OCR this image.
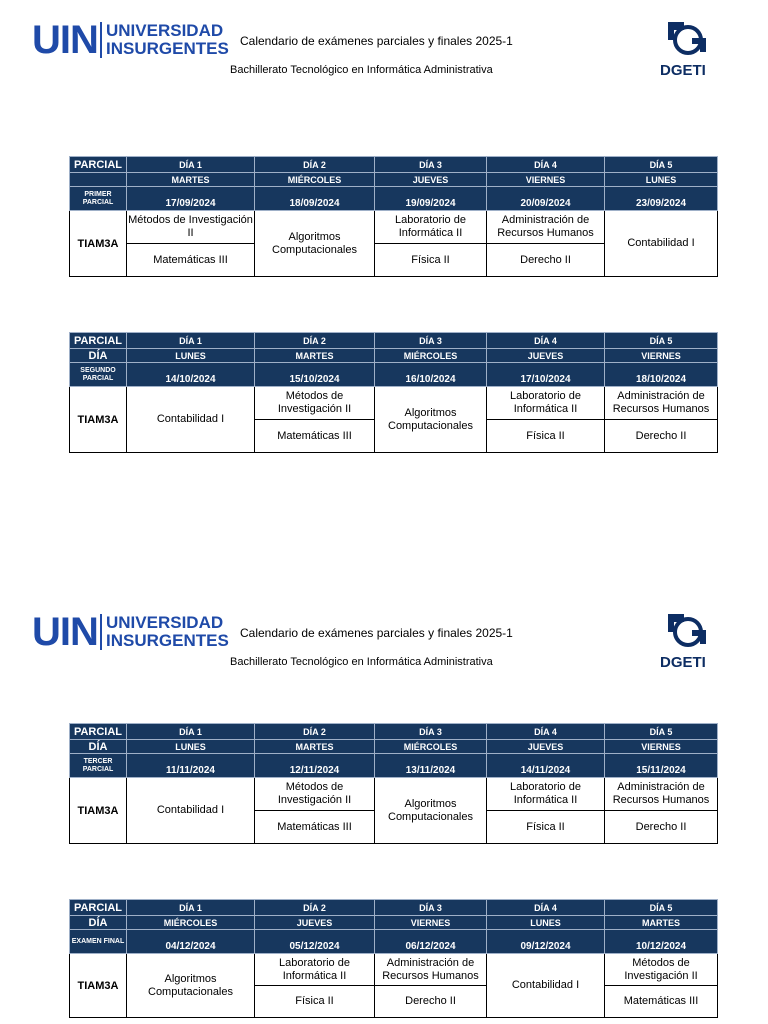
UIN UNIVERSIDAD
INSURGENTES Calendario de exámenes parciales y finales 2025-1
Bachillerato Tecnológico en Informática Administrativa	DGETI
UIN UNIVERSIDAD
INSURGENTES Calendario de exámenes parciales y finales 2025-1
Bachillerato Tecnológico en Informática Administrativa	DGETI
PARCIAL	DÍA 1	DÍA 2	DÍA 3	DÍA 4	DÍA 5
	MARTES	MIÉRCOLES	JUEVES	VIERNES	LUNES
PRIMER PARCIAL	17/09/2024	18/09/2024	19/09/2024	20/09/2024	23/09/2024
TIAM3A	Métodos de Investigación II	Algoritmos Computacionales	Laboratorio de Informática II	Administración de Recursos Humanos	Contabilidad I
	Matemáticas III		Física II	Derecho II	
PARCIAL	DÍA 1	DÍA 2	DÍA 3	DÍA 4	DÍA 5
DÍA	LUNES	MARTES	MIÉRCOLES	JUEVES	VIERNES
SEGUNDO PARCIAL	14/10/2024	15/10/2024	16/10/2024	17/10/2024	18/10/2024
TIAM3A	Contabilidad I	Métodos de Investigación II	Algoritmos Computacionales	Laboratorio de Informática II	Administración de Recursos Humanos
		Matemáticas III		Física II	Derecho II
PARCIAL	DÍA 1	DÍA 2	DÍA 3	DÍA 4	DÍA 5
DÍA	LUNES	MARTES	MIÉRCOLES	JUEVES	VIERNES
TERCER PARCIAL	11/11/2024	12/11/2024	13/11/2024	14/11/2024	15/11/2024
TIAM3A	Contabilidad I	Métodos de Investigación II	Algoritmos Computacionales	Laboratorio de Informática II	Administración de Recursos Humanos
		Matemáticas III		Física II	Derecho II
PARCIAL	DÍA 1	DÍA 2	DÍA 3	DÍA 4	DÍA 5
DÍA	MIÉRCOLES	JUEVES	VIERNES	LUNES	MARTES
EXAMEN FINAL	04/12/2024	05/12/2024	06/12/2024	09/12/2024	10/12/2024
TIAM3A	Algoritmos Computacionales	Laboratorio de Informática II	Administración de Recursos Humanos	Contabilidad I	Métodos de Investigación II
		Física II	Derecho II		Matemáticas III
